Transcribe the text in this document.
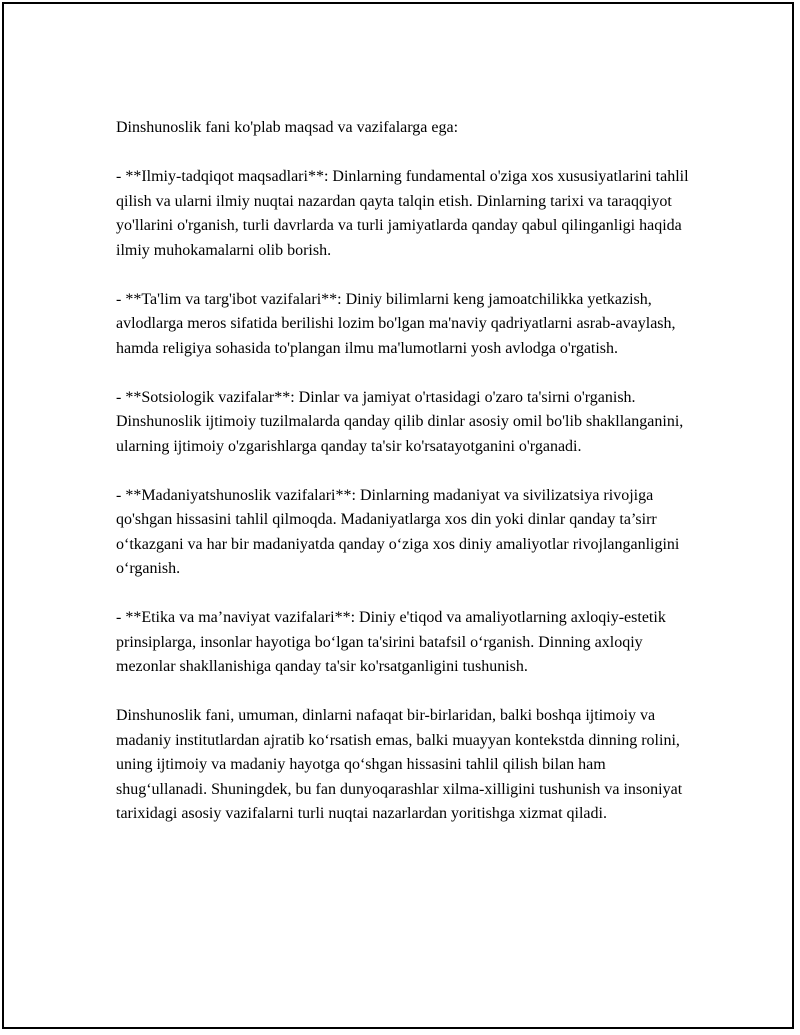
Dinshunoslik fani ko'plab maqsad va vazifalarga ega:

- **Ilmiy-tadqiqot maqsadlari**: Dinlarning fundamental o'ziga xos xususiyatlarini tahlil qilish va ularni ilmiy nuqtai nazardan qayta talqin etish. Dinlarning tarixi va taraqqiyot yo'llarini o'rganish, turli davrlarda va turli jamiyatlarda qanday qabul qilinganligi haqida ilmiy muhokamalarni olib borish.

- **Ta'lim va targ'ibot vazifalari**: Diniy bilimlarni keng jamoatchilikka yetkazish, avlodlarga meros sifatida berilishi lozim bo'lgan ma'naviy qadriyatlarni asrab-avaylash, hamda religiya sohasida to'plangan ilmu ma'lumotlarni yosh avlodga o'rgatish.

- **Sotsiologik vazifalar**: Dinlar va jamiyat o'rtasidagi o'zaro ta'sirni o'rganish. Dinshunoslik ijtimoiy tuzilmalarda qanday qilib dinlar asosiy omil bo'lib shakllanganini, ularning ijtimoiy o'zgarishlarga qanday ta'sir ko'rsatayotganini o'rganadi.

- **Madaniyatshunoslik vazifalari**: Dinlarning madaniyat va sivilizatsiya rivojiga qo'shgan hissasini tahlil qilmoqda. Madaniyatlarga xos din yoki dinlar qanday ta’sirr o‘tkazgani va har bir madaniyatda qanday o‘ziga xos diniy amaliyotlar rivojlanganligini o‘rganish.

- **Etika va ma’naviyat vazifalari**: Diniy e'tiqod va amaliyotlarning axloqiy-estetik prinsiplarga, insonlar hayotiga bo‘lgan ta'sirini batafsil o‘rganish. Dinning axloqiy mezonlar shakllanishiga qanday ta'sir ko'rsatganligini tushunish.

Dinshunoslik fani, umuman, dinlarni nafaqat bir-birlaridan, balki boshqa ijtimoiy va madaniy institutlardan ajratib ko‘rsatish emas, balki muayyan kontekstda dinning rolini, uning ijtimoiy va madaniy hayotga qo‘shgan hissasini tahlil qilish bilan ham shug‘ullanadi. Shuningdek, bu fan dunyoqarashlar xilma-xilligini tushunish va insoniyat tarixidagi asosiy vazifalarni turli nuqtai nazarlardan yoritishga xizmat qiladi.
